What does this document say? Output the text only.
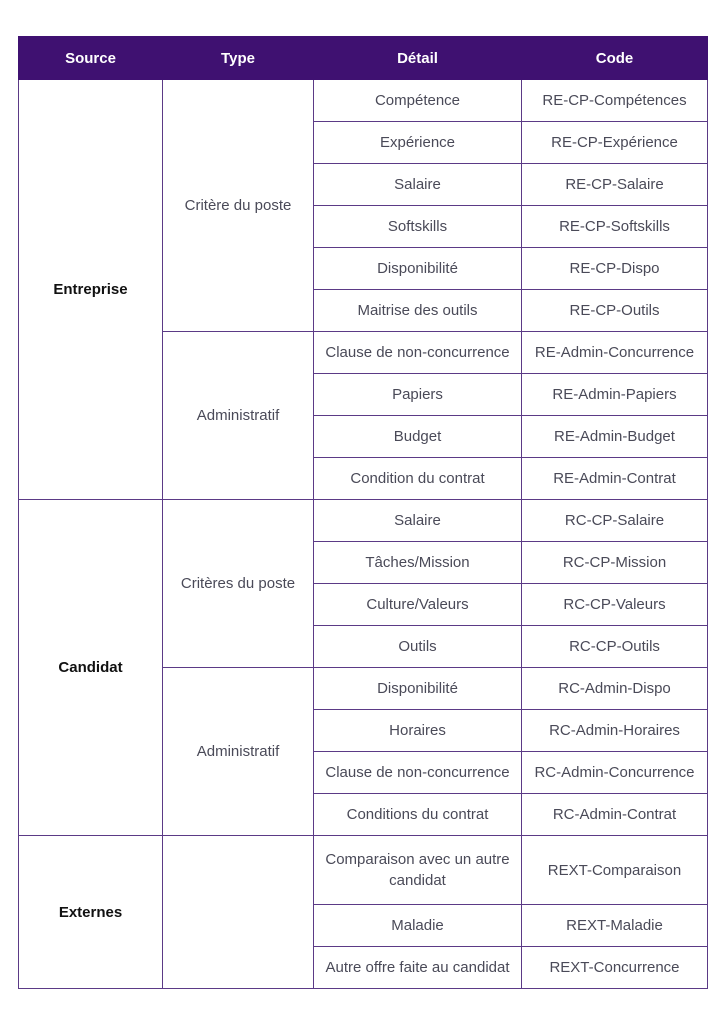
Source	Type	Détail	Code
Entreprise	Critère du poste	Compétence	RE-CP-Compétences
		Expérience	RE-CP-Expérience
		Salaire	RE-CP-Salaire
		Softskills	RE-CP-Softskills
		Disponibilité	RE-CP-Dispo
		Maitrise des outils	RE-CP-Outils
	Administratif	Clause de non-concurrence	RE-Admin-Concurrence
		Papiers	RE-Admin-Papiers
		Budget	RE-Admin-Budget
		Condition du contrat	RE-Admin-Contrat
Candidat	Critères du poste	Salaire	RC-CP-Salaire
		Tâches/Mission	RC-CP-Mission
		Culture/Valeurs	RC-CP-Valeurs
		Outils	RC-CP-Outils
	Administratif	Disponibilité	RC-Admin-Dispo
		Horaires	RC-Admin-Horaires
		Clause de non-concurrence	RC-Admin-Concurrence
		Conditions du contrat	RC-Admin-Contrat
Externes		Comparaison avec un autre candidat	REXT-Comparaison
		Maladie	REXT-Maladie
		Autre offre faite au candidat	REXT-Concurrence
